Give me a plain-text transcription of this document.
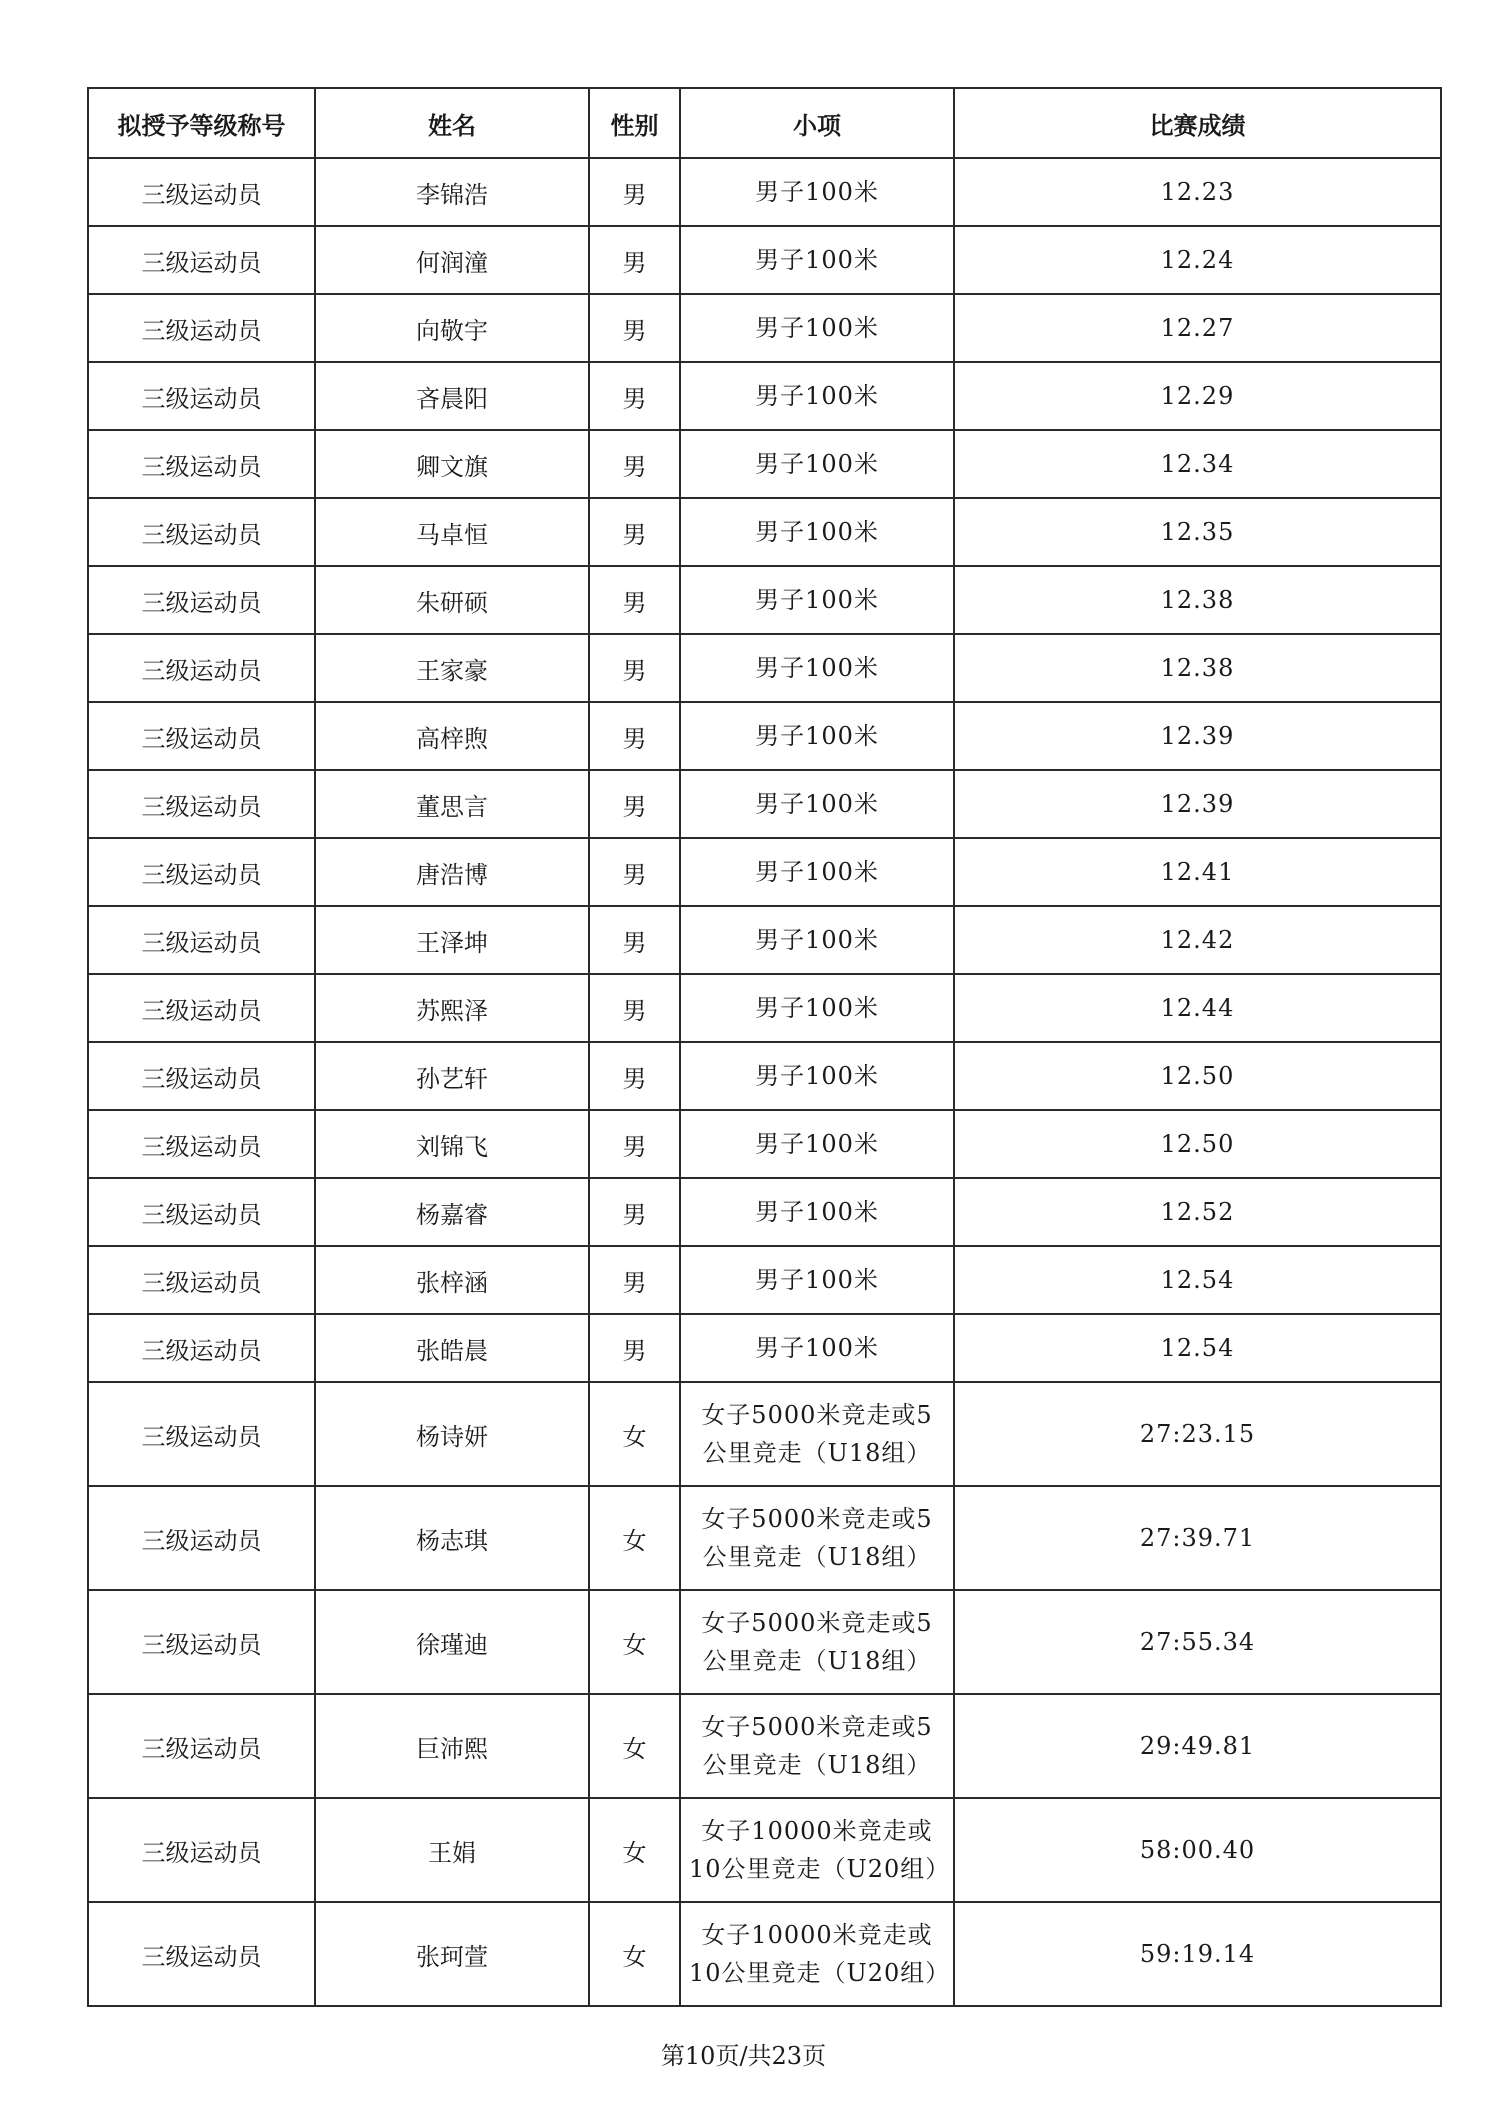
拟授予等级称号	姓名	性别	小项	比赛成绩
三级运动员	李锦浩	男	男子100米	12.23
三级运动员	何润潼	男	男子100米	12.24
三级运动员	向敬宇	男	男子100米	12.27
三级运动员	吝晨阳	男	男子100米	12.29
三级运动员	卿文旗	男	男子100米	12.34
三级运动员	马卓恒	男	男子100米	12.35
三级运动员	朱研硕	男	男子100米	12.38
三级运动员	王家豪	男	男子100米	12.38
三级运动员	高梓煦	男	男子100米	12.39
三级运动员	董思言	男	男子100米	12.39
三级运动员	唐浩博	男	男子100米	12.41
三级运动员	王泽坤	男	男子100米	12.42
三级运动员	苏熙泽	男	男子100米	12.44
三级运动员	孙艺轩	男	男子100米	12.50
三级运动员	刘锦飞	男	男子100米	12.50
三级运动员	杨嘉睿	男	男子100米	12.52
三级运动员	张梓涵	男	男子100米	12.54
三级运动员	张皓晨	男	男子100米	12.54
三级运动员	杨诗妍	女	女子5000米竞走或5公里竞走（U18组）	27:23.15
三级运动员	杨志琪	女	女子5000米竞走或5公里竞走（U18组）	27:39.71
三级运动员	徐瑾迪	女	女子5000米竞走或5公里竞走（U18组）	27:55.34
三级运动员	巨沛熙	女	女子5000米竞走或5公里竞走（U18组）	29:49.81
三级运动员	王娟	女	女子10000米竞走或10公里竞走（U20组）	58:00.40
三级运动员	张珂萱	女	女子10000米竞走或10公里竞走（U20组）	59:19.14
第10页/共23页
